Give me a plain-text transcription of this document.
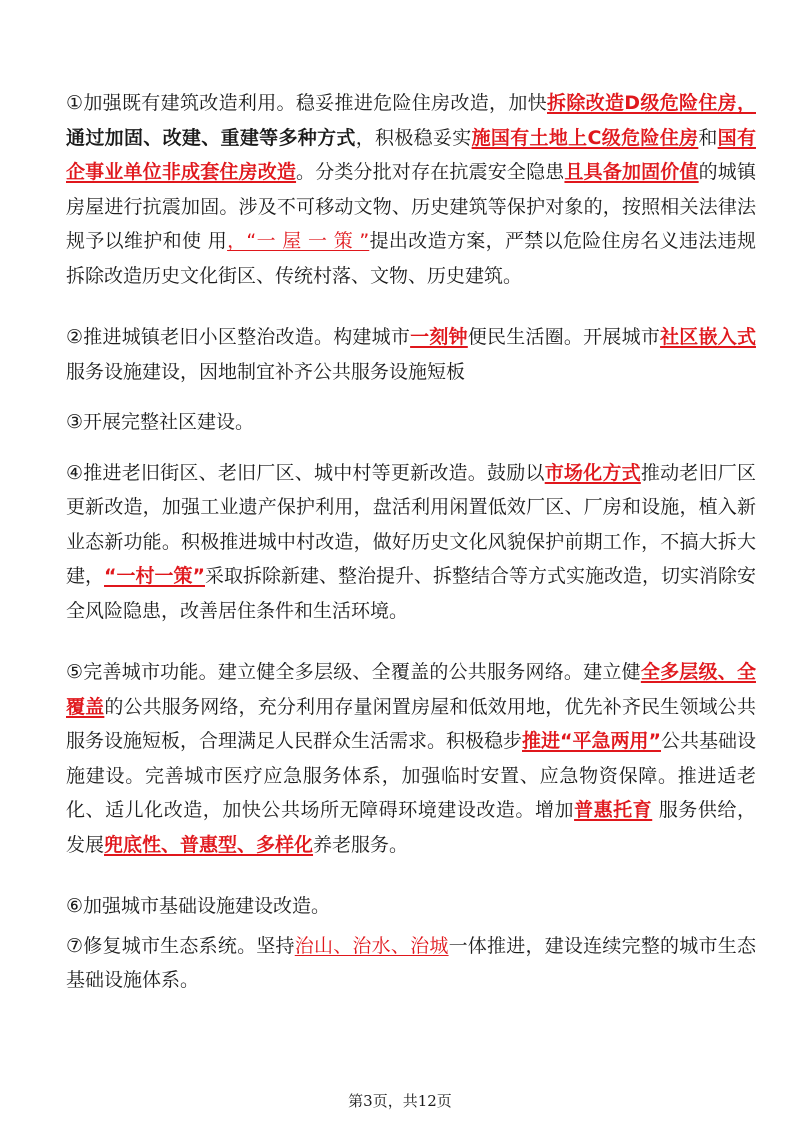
①加强既有建筑改造利用。稳妥推进危险住房改造，加快拆除改造D级危险住房，通过加固、改建、重建等多种方式，积极稳妥实施国有土地上C级危险住房和国有企事业单位非成套住房改造。分类分批对存在抗震安全隐患且具备加固价值的城镇房屋进行抗震加固。涉及不可移动文物、历史建筑等保护对象的，按照相关法律法规予以维护和使 用，“一 屋 一 策 ”提出改造方案，严禁以危险住房名义违法违规拆除改造历史文化街区、传统村落、文物、历史建筑。

②推进城镇老旧小区整治改造。构建城市一刻钟便民生活圈。开展城市社区嵌入式服务设施建设，因地制宜补齐公共服务设施短板

③开展完整社区建设。

④推进老旧街区、老旧厂区、城中村等更新改造。鼓励以市场化方式推动老旧厂区更新改造，加强工业遗产保护利用，盘活利用闲置低效厂区、厂房和设施，植入新业态新功能。积极推进城中村改造，做好历史文化风貌保护前期工作，不搞大拆大建，“一村一策”采取拆除新建、整治提升、拆整结合等方式实施改造，切实消除安全风险隐患，改善居住条件和生活环境。

⑤完善城市功能。建立健全多层级、全覆盖的公共服务网络。建立健全多层级、全覆盖的公共服务网络，充分利用存量闲置房屋和低效用地，优先补齐民生领域公共服务设施短板，合理满足人民群众生活需求。积极稳步推进“平急两用”公共基础设施建设。完善城市医疗应急服务体系，加强临时安置、应急物资保障。推进适老化、适儿化改造，加快公共场所无障碍环境建设改造。增加普惠托育 服务供给，发展兜底性、普惠型、多样化养老服务。

⑥加强城市基础设施建设改造。

⑦修复城市生态系统。坚持治山、治水、治城一体推进，建设连续完整的城市生态基础设施体系。

第3页，共12页
